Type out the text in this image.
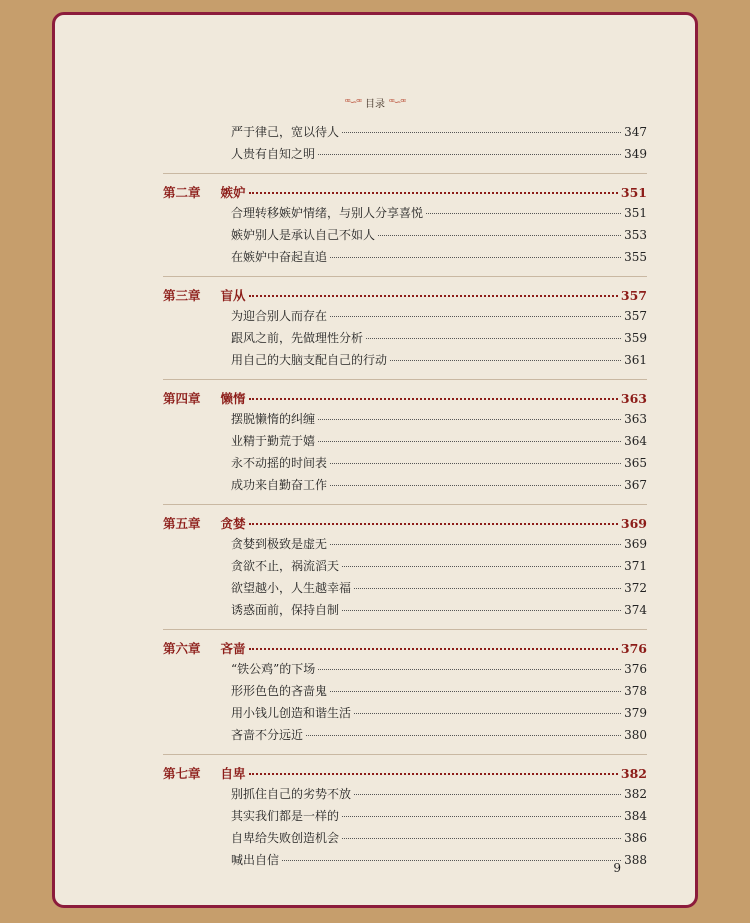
ꟹ∽ꟹ 目录 ꟹ∽ꟹ
严于律己，宽以待人	347
人贵有自知之明	349
第二章 嫉妒	351
合理转移嫉妒情绪，与别人分享喜悦	351
嫉妒别人是承认自己不如人	353
在嫉妒中奋起直追	355
第三章 盲从	357
为迎合别人而存在	357
跟风之前，先做理性分析	359
用自己的大脑支配自己的行动	361
第四章 懒惰	363
摆脱懒惰的纠缠	363
业精于勤荒于嬉	364
永不动摇的时间表	365
成功来自勤奋工作	367
第五章 贪婪	369
贪婪到极致是虚无	369
贪欲不止，祸流滔天	371
欲望越小，人生越幸福	372
诱惑面前，保持自制	374
第六章 吝啬	376
“铁公鸡”的下场	376
形形色色的吝啬鬼	378
用小钱儿创造和谐生活	379
吝啬不分远近	380
第七章 自卑	382
别抓住自己的劣势不放	382
其实我们都是一样的	384
自卑给失败创造机会	386
喊出自信	388
9
